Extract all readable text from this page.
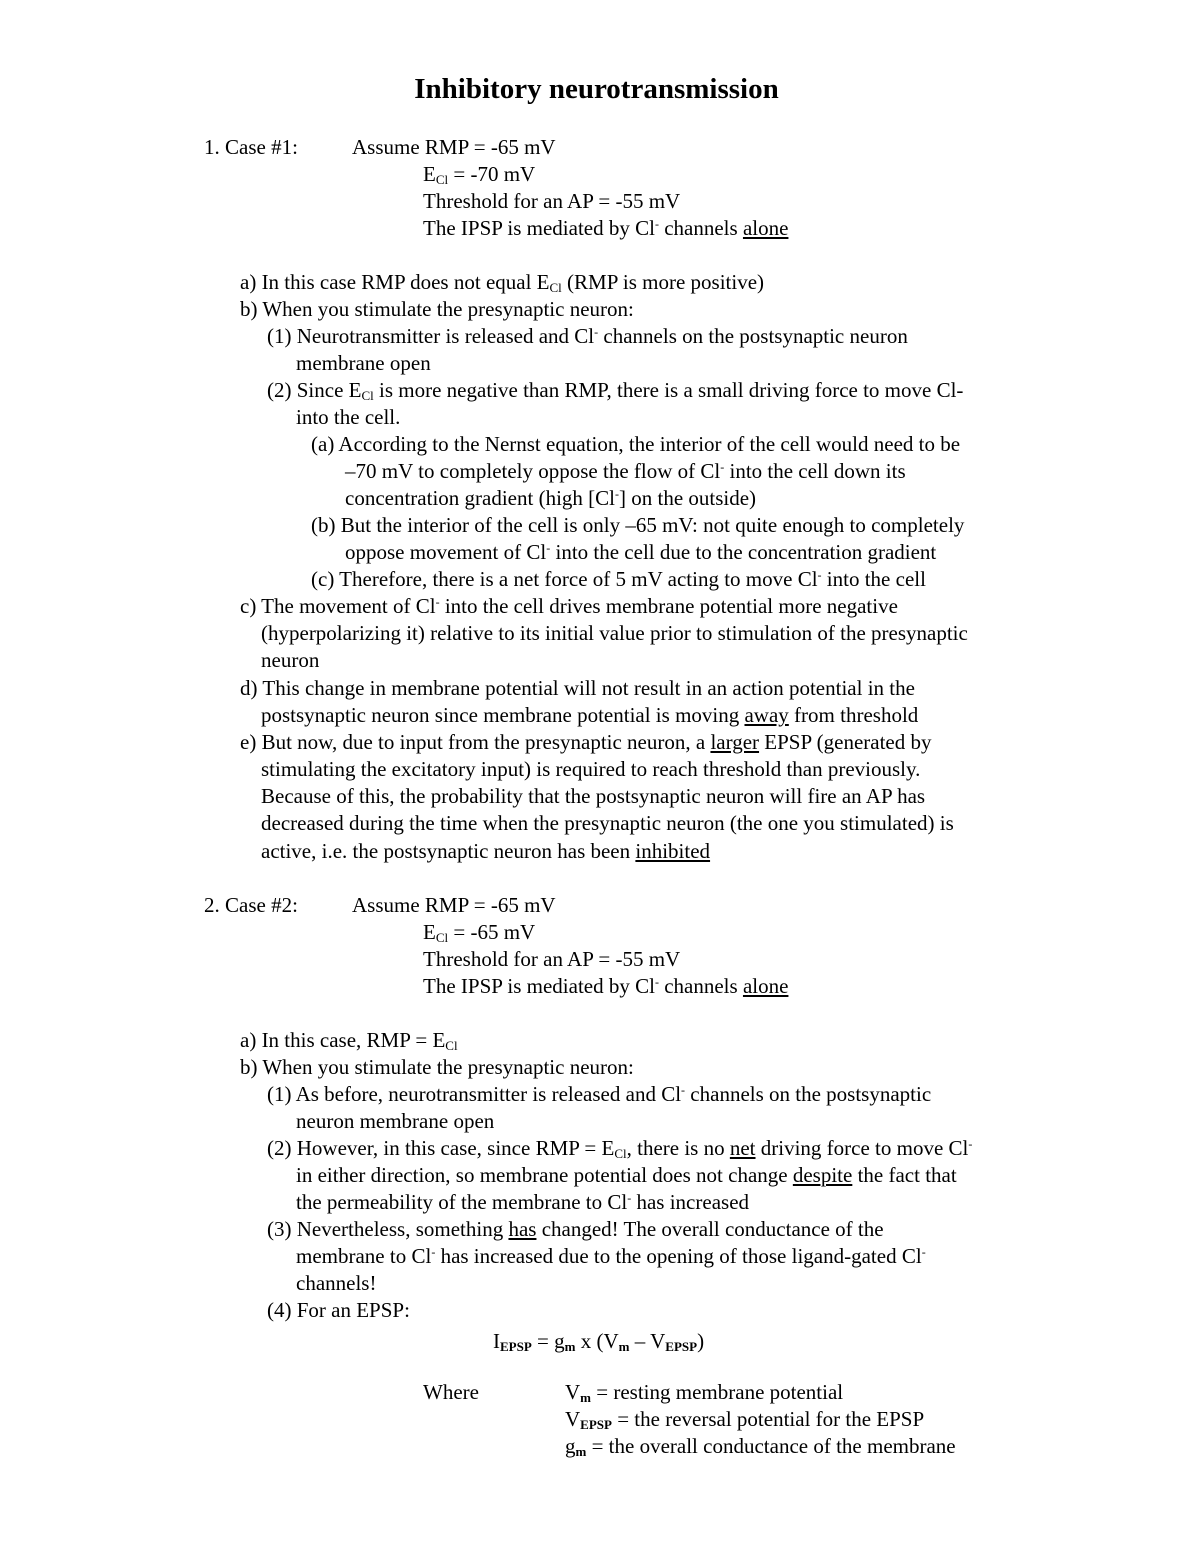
Inhibitory neurotransmission
1. Case #1:	Assume RMP = -65 mV
$E_{Cl} = -70$ mV
Threshold for an AP = -55 mV
The IPSP is mediated by Cl- channels alone
a) In this case RMP does not equal $E_{Cl}$ (RMP is more positive)
b) When you stimulate the presynaptic neuron:
(1) Neurotransmitter is released and Cl- channels on the postsynaptic neuron
membrane open
(2) Since $E_{Cl}$ is more negative than RMP, there is a small driving force to move Cl-
into the cell.
(a) According to the Nernst equation, the interior of the cell would need to be
–70 mV to completely oppose the flow of Cl- into the cell down its
concentration gradient (high [Cl-] on the outside)
(b) But the interior of the cell is only –65 mV: not quite enough to completely
oppose movement of Cl- into the cell due to the concentration gradient
(c) Therefore, there is a net force of 5 mV acting to move Cl- into the cell
c) The movement of Cl- into the cell drives membrane potential more negative
(hyperpolarizing it) relative to its initial value prior to stimulation of the presynaptic
neuron
d) This change in membrane potential will not result in an action potential in the
postsynaptic neuron since membrane potential is moving away from threshold
e) But now, due to input from the presynaptic neuron, a larger EPSP (generated by
stimulating the excitatory input) is required to reach threshold than previously.
Because of this, the probability that the postsynaptic neuron will fire an AP has
decreased during the time when the presynaptic neuron (the one you stimulated) is
active, i.e. the postsynaptic neuron has been inhibited
2. Case #2:	Assume RMP = -65 mV
$E_{Cl} = -65$ mV
Threshold for an AP = -55 mV
The IPSP is mediated by Cl- channels alone
a) In this case, RMP = $E_{Cl}$
b) When you stimulate the presynaptic neuron:
(1) As before, neurotransmitter is released and Cl- channels on the postsynaptic
neuron membrane open
(2) However, in this case, since RMP = $E_{Cl}$, there is no net driving force to move Cl-
in either direction, so membrane potential does not change despite the fact that
the permeability of the membrane to Cl- has increased
(3) Nevertheless, something has changed! The overall conductance of the
membrane to Cl- has increased due to the opening of those ligand-gated Cl-
channels!
(4) For an EPSP:
$I_{EPSP} = g_m$ x $(V_m - V_{EPSP})$
Where	$V_m$ = resting membrane potential
$V_{EPSP}$ = the reversal potential for the EPSP
$g_m$ = the overall conductance of the membrane
